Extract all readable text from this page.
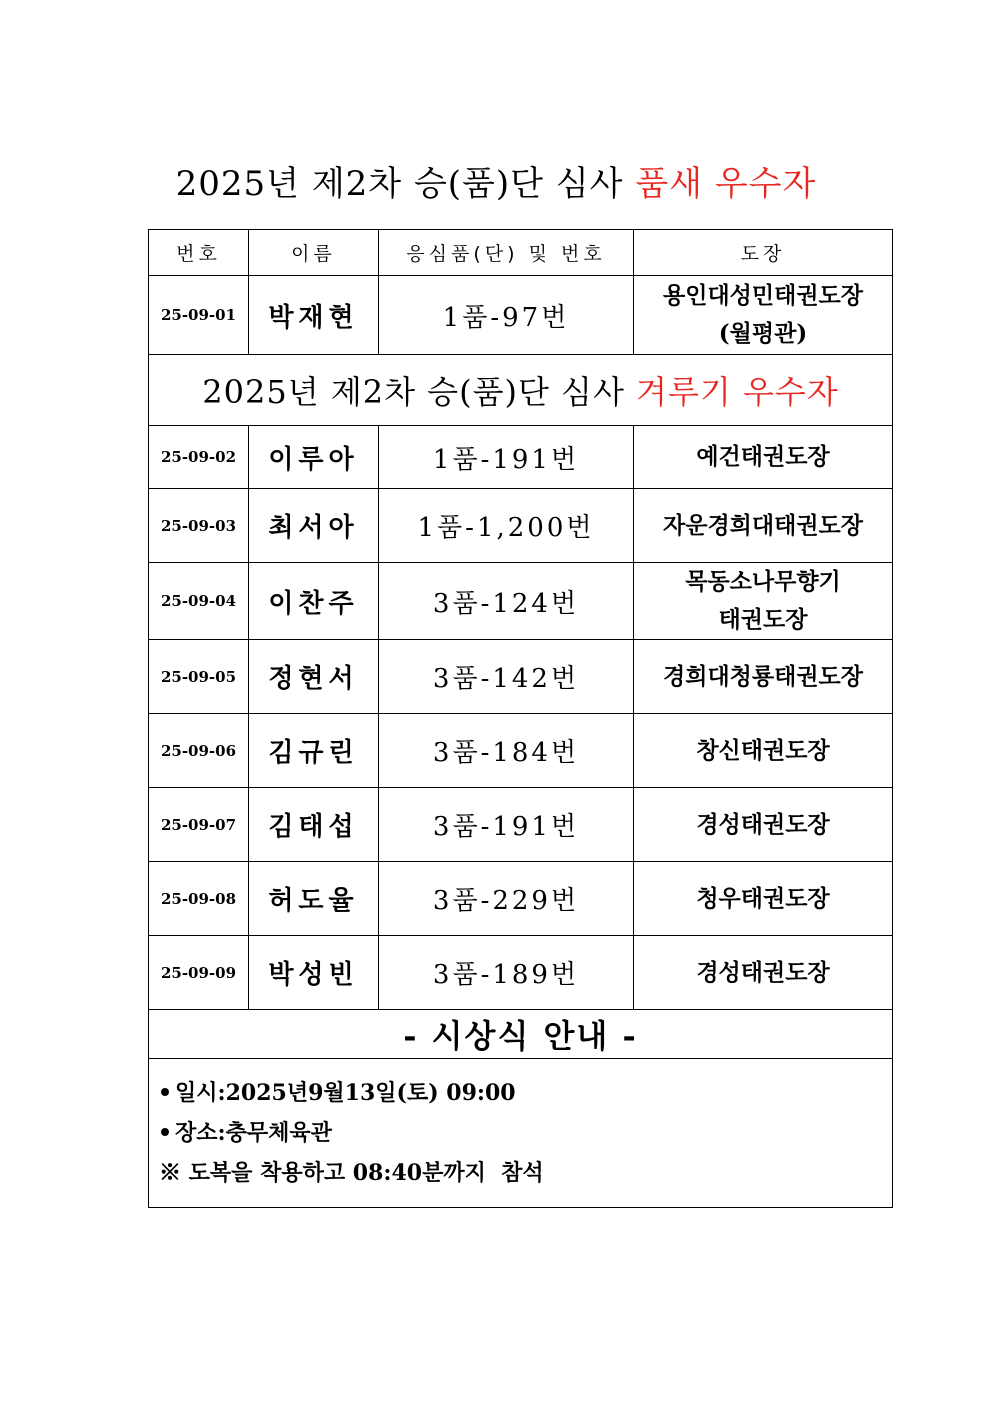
2025년 제2차 승(품)단 심사 품새 우수자
번호	이름	응심품(단) 및 번호	도장
25-09-01	박재현	1품-97번	용인대성민태권도장
(월평관)

2025년 제2차 승(품)단 심사 겨루기 우수자			
25-09-02	이루아	1품-191번	예건태권도장
25-09-03	최서아	1품-1,200번	자운경희대태권도장
25-09-04	이찬주	3품-124번	목동소나무향기
태권도장

25-09-05	정현서	3품-142번	경희대청룡태권도장
25-09-06	김규린	3품-184번	창신태권도장
25-09-07	김태섭	3품-191번	경성태권도장
25-09-08	허도율	3품-229번	청우태권도장
25-09-09	박성빈	3품-189번	경성태권도장
- 시상식 안내 -			

일시:2025년9월13일(토) 09:00
장소:충무체육관
※ 도복을 착용하고 08:40분까지  참석			
